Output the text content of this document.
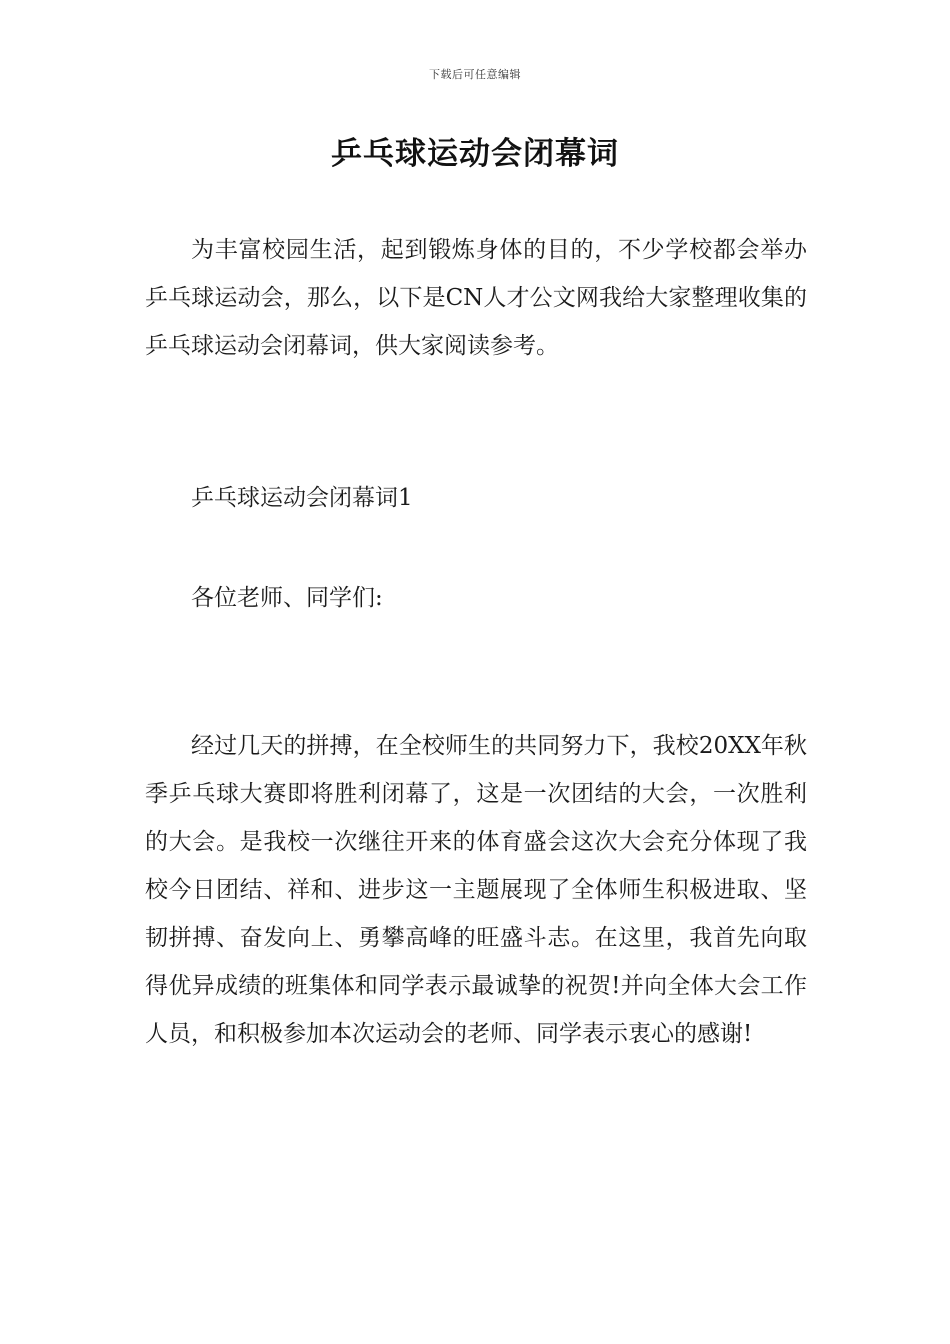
下载后可任意编辑
乒乓球运动会闭幕词

为丰富校园生活，起到锻炼身体的目的，不少学校都会举办乒乓球运动会，那么，以下是CN人才公文网我给大家整理收集的乒乓球运动会闭幕词，供大家阅读参考。

乒乓球运动会闭幕词1

各位老师、同学们:

经过几天的拼搏，在全校师生的共同努力下，我校20XX年秋季乒乓球大赛即将胜利闭幕了，这是一次团结的大会，一次胜利的大会。是我校一次继往开来的体育盛会这次大会充分体现了我校今日团结、祥和、进步这一主题展现了全体师生积极进取、坚韧拼搏、奋发向上、勇攀高峰的旺盛斗志。在这里，我首先向取得优异成绩的班集体和同学表示最诚挚的祝贺!并向全体大会工作人员，和积极参加本次运动会的老师、同学表示衷心的感谢!
